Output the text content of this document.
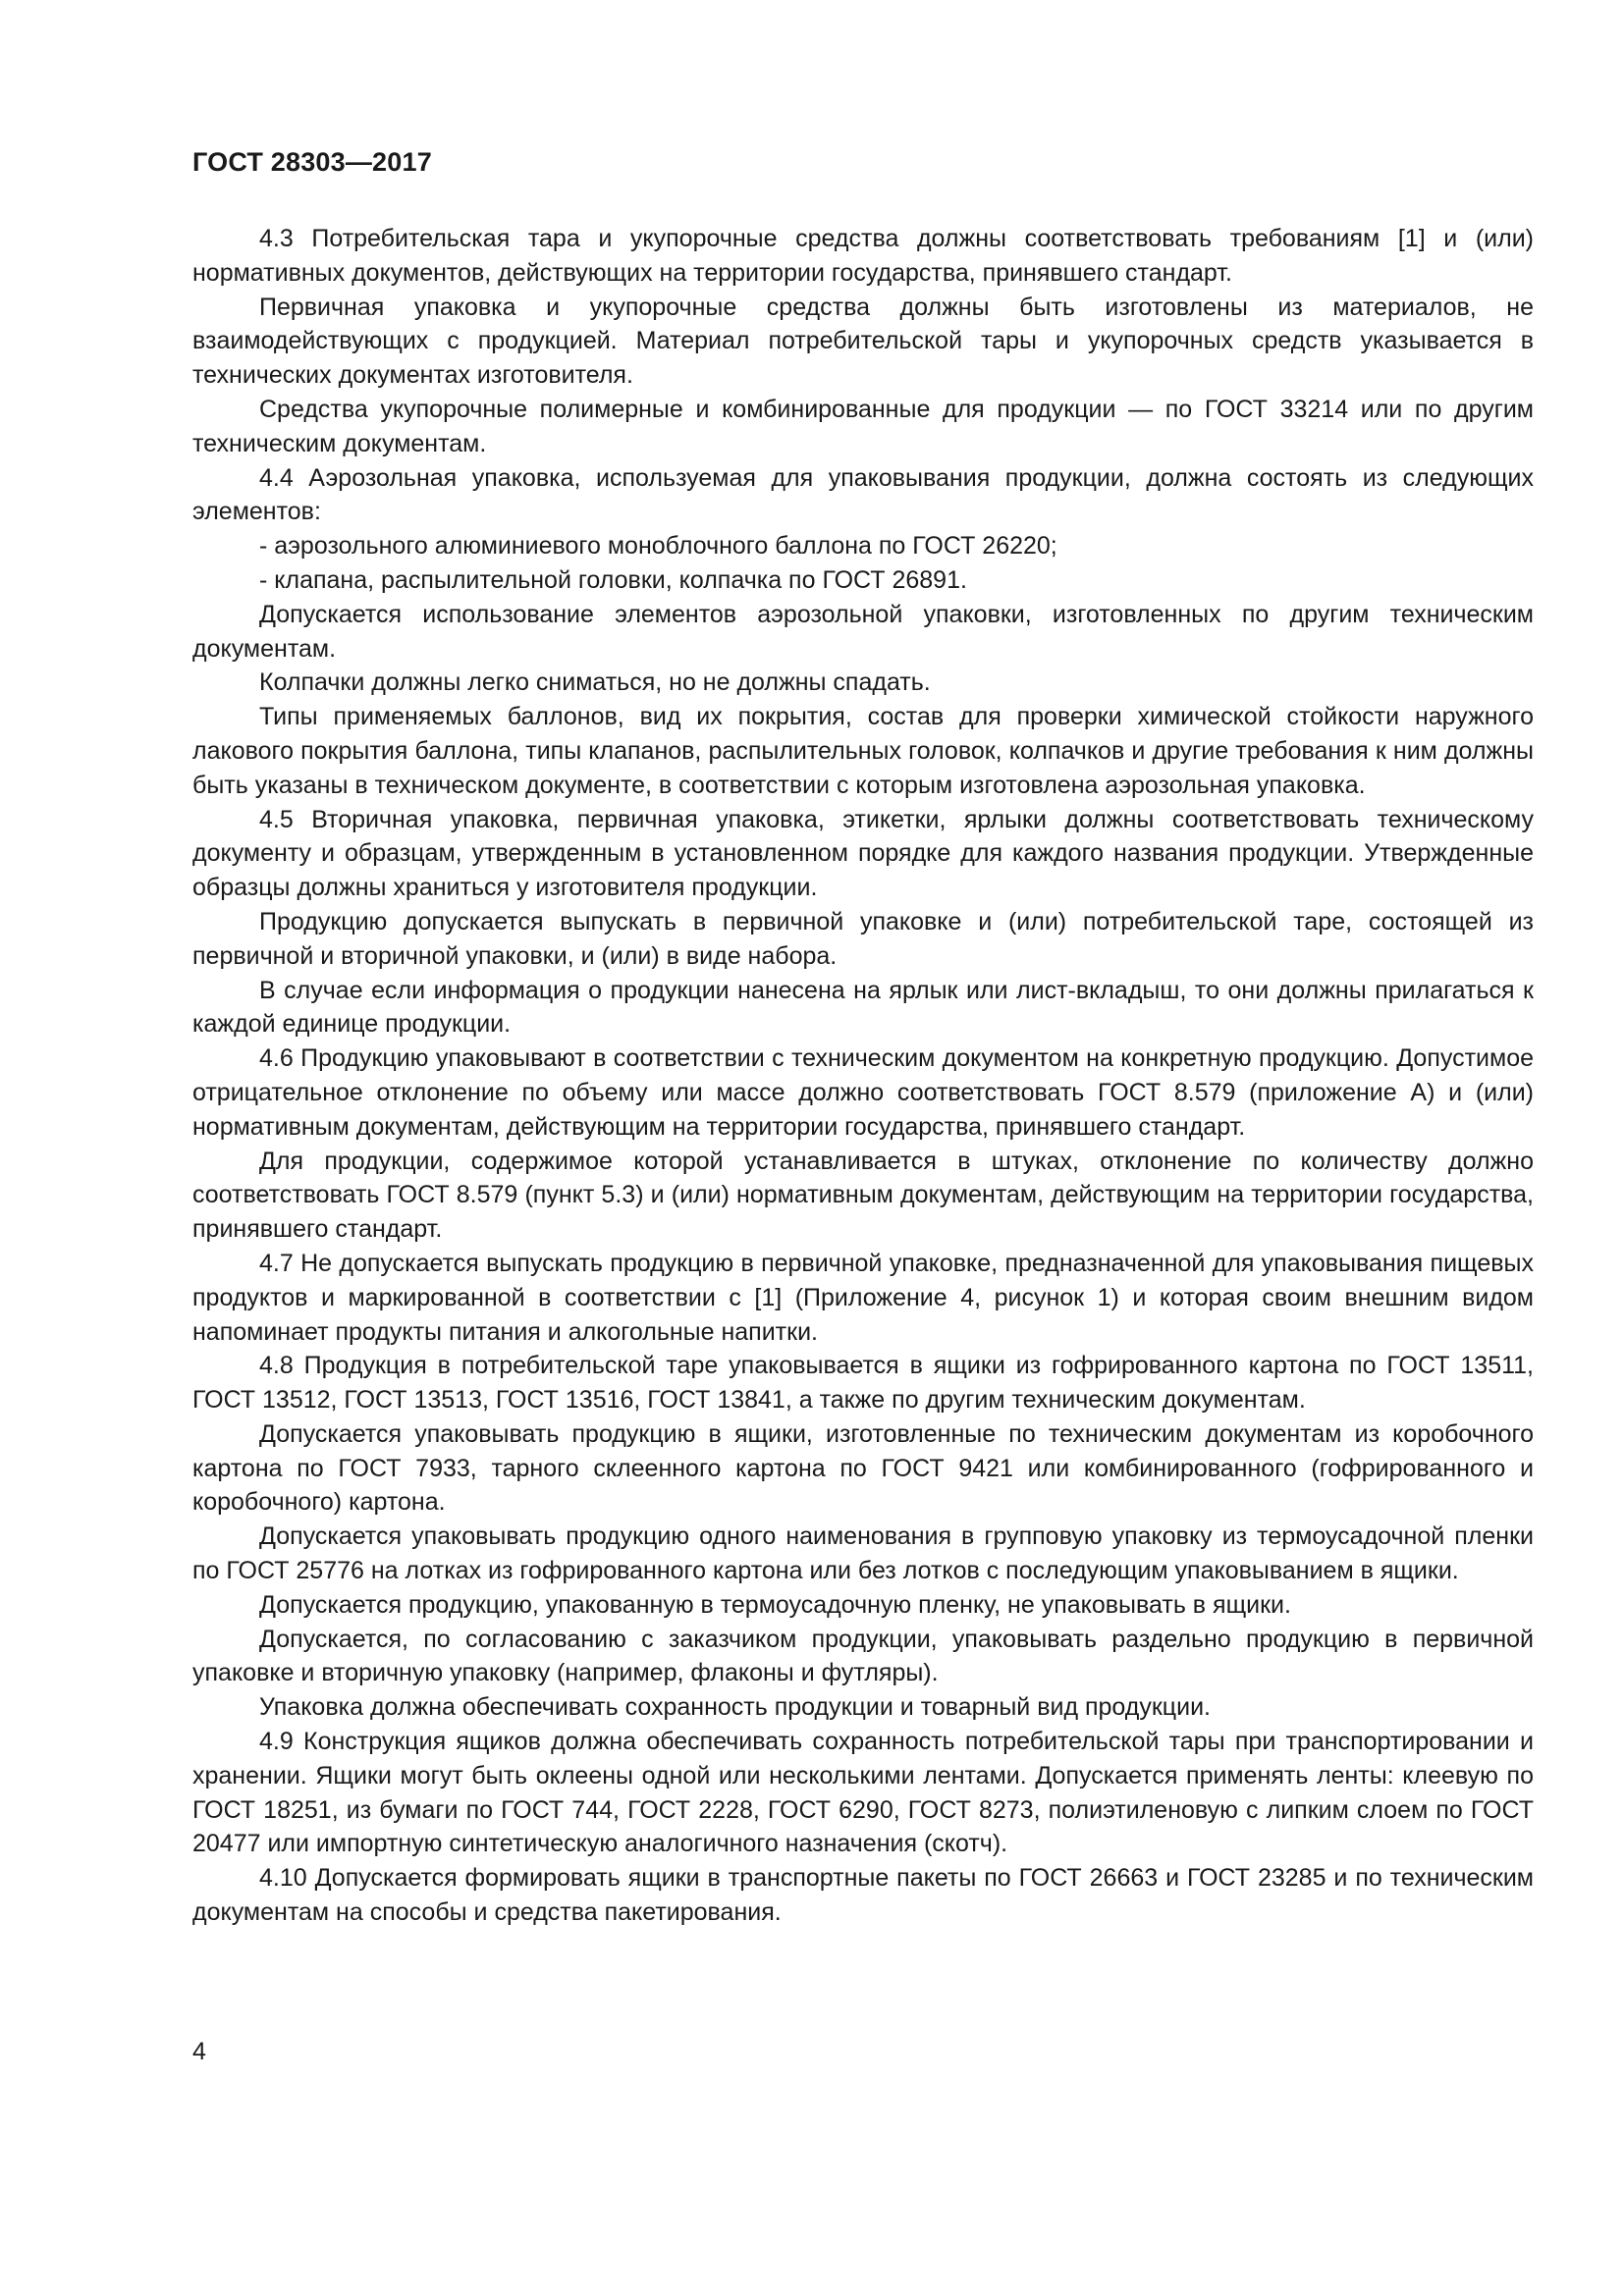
ГОСТ 28303—2017

4.3 Потребительская тара и укупорочные средства должны соответствовать требованиям [1] и (или) нормативных документов, действующих на территории государства, принявшего стандарт.

Первичная упаковка и укупорочные средства должны быть изготовлены из материалов, не взаимодействующих с продукцией. Материал потребительской тары и укупорочных средств указывается в технических документах изготовителя.

Средства укупорочные полимерные и комбинированные для продукции — по ГОСТ 33214 или по другим техническим документам.

4.4 Аэрозольная упаковка, используемая для упаковывания продукции, должна состоять из следующих элементов:

- аэрозольного алюминиевого моноблочного баллона по ГОСТ 26220;

- клапана, распылительной головки, колпачка по ГОСТ 26891.

Допускается использование элементов аэрозольной упаковки, изготовленных по другим техническим документам.

Колпачки должны легко сниматься, но не должны спадать.

Типы применяемых баллонов, вид их покрытия, состав для проверки химической стойкости наружного лакового покрытия баллона, типы клапанов, распылительных головок, колпачков и другие требования к ним должны быть указаны в техническом документе, в соответствии с которым изготовлена аэрозольная упаковка.

4.5 Вторичная упаковка, первичная упаковка, этикетки, ярлыки должны соответствовать техническому документу и образцам, утвержденным в установленном порядке для каждого названия продукции. Утвержденные образцы должны храниться у изготовителя продукции.

Продукцию допускается выпускать в первичной упаковке и (или) потребительской таре, состоящей из первичной и вторичной упаковки, и (или) в виде набора.

В случае если информация о продукции нанесена на ярлык или лист-вкладыш, то они должны прилагаться к каждой единице продукции.

4.6 Продукцию упаковывают в соответствии с техническим документом на конкретную продукцию. Допустимое отрицательное отклонение по объему или массе должно соответствовать ГОСТ 8.579 (приложение А) и (или) нормативным документам, действующим на территории государства, принявшего стандарт.

Для продукции, содержимое которой устанавливается в штуках, отклонение по количеству должно соответствовать ГОСТ 8.579 (пункт 5.3) и (или) нормативным документам, действующим на территории государства, принявшего стандарт.

4.7 Не допускается выпускать продукцию в первичной упаковке, предназначенной для упаковывания пищевых продуктов и маркированной в соответствии с [1] (Приложение 4, рисунок 1) и которая своим внешним видом напоминает продукты питания и алкогольные напитки.

4.8 Продукция в потребительской таре упаковывается в ящики из гофрированного картона по ГОСТ 13511, ГОСТ 13512, ГОСТ 13513, ГОСТ 13516, ГОСТ 13841, а также по другим техническим документам.

Допускается упаковывать продукцию в ящики, изготовленные по техническим документам из коробочного картона по ГОСТ 7933, тарного склеенного картона по ГОСТ 9421 или комбинированного (гофрированного и коробочного) картона.

Допускается упаковывать продукцию одного наименования в групповую упаковку из термоусадочной пленки по ГОСТ 25776 на лотках из гофрированного картона или без лотков с последующим упаковыванием в ящики.

Допускается продукцию, упакованную в термоусадочную пленку, не упаковывать в ящики.

Допускается, по согласованию с заказчиком продукции, упаковывать раздельно продукцию в первичной упаковке и вторичную упаковку (например, флаконы и футляры).

Упаковка должна обеспечивать сохранность продукции и товарный вид продукции.

4.9 Конструкция ящиков должна обеспечивать сохранность потребительской тары при транспортировании и хранении. Ящики могут быть оклеены одной или несколькими лентами. Допускается применять ленты: клеевую по ГОСТ 18251, из бумаги по ГОСТ 744, ГОСТ 2228, ГОСТ 6290, ГОСТ 8273, полиэтиленовую с липким слоем по ГОСТ 20477 или импортную синтетическую аналогичного назначения (скотч).

4.10 Допускается формировать ящики в транспортные пакеты по ГОСТ 26663 и ГОСТ 23285 и по техническим документам на способы и средства пакетирования.

4
